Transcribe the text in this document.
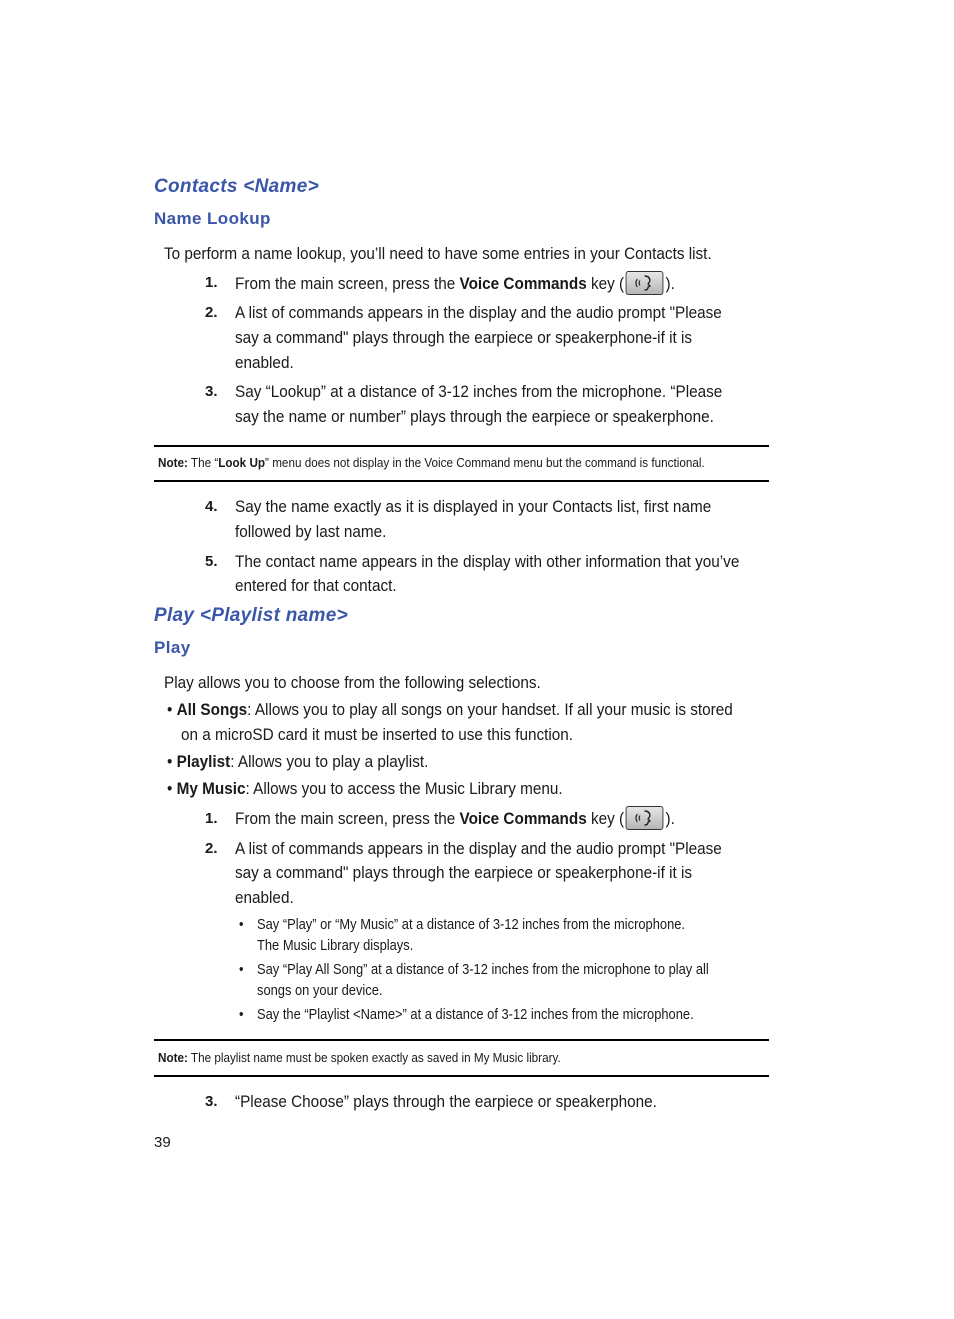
Contacts <Name>
Name Lookup
To perform a name lookup, you’ll need to have some entries in your Contacts list.
1. From the main screen, press the Voice Commands key ( ).
2. A list of commands appears in the display and the audio prompt "Please
say a command" plays through the earpiece or speakerphone-if it is
enabled.
3. Say “Lookup” at a distance of 3-12 inches from the microphone. “Please
say the name or number” plays through the earpiece or speakerphone.
Note: The “Look Up” menu does not display in the Voice Command menu but the command is functional.
4. Say the name exactly as it is displayed in your Contacts list, first name
followed by last name.
5. The contact name appears in the display with other information that you’ve
entered for that contact.
Play <Playlist name>
Play
Play allows you to choose from the following selections.
• All Songs: Allows you to play all songs on your handset. If all your music is stored
on a microSD card it must be inserted to use this function.
• Playlist: Allows you to play a playlist.
• My Music: Allows you to access the Music Library menu.
1. From the main screen, press the Voice Commands key ( ).
2. A list of commands appears in the display and the audio prompt "Please
say a command" plays through the earpiece or speakerphone-if it is
enabled.
• Say “Play” or “My Music” at a distance of 3-12 inches from the microphone.
The Music Library displays.
• Say “Play All Song” at a distance of 3-12 inches from the microphone to play all
songs on your device.
• Say the “Playlist <Name>” at a distance of 3-12 inches from the microphone.
Note: The playlist name must be spoken exactly as saved in My Music library.
3. “Please Choose” plays through the earpiece or speakerphone.
39
